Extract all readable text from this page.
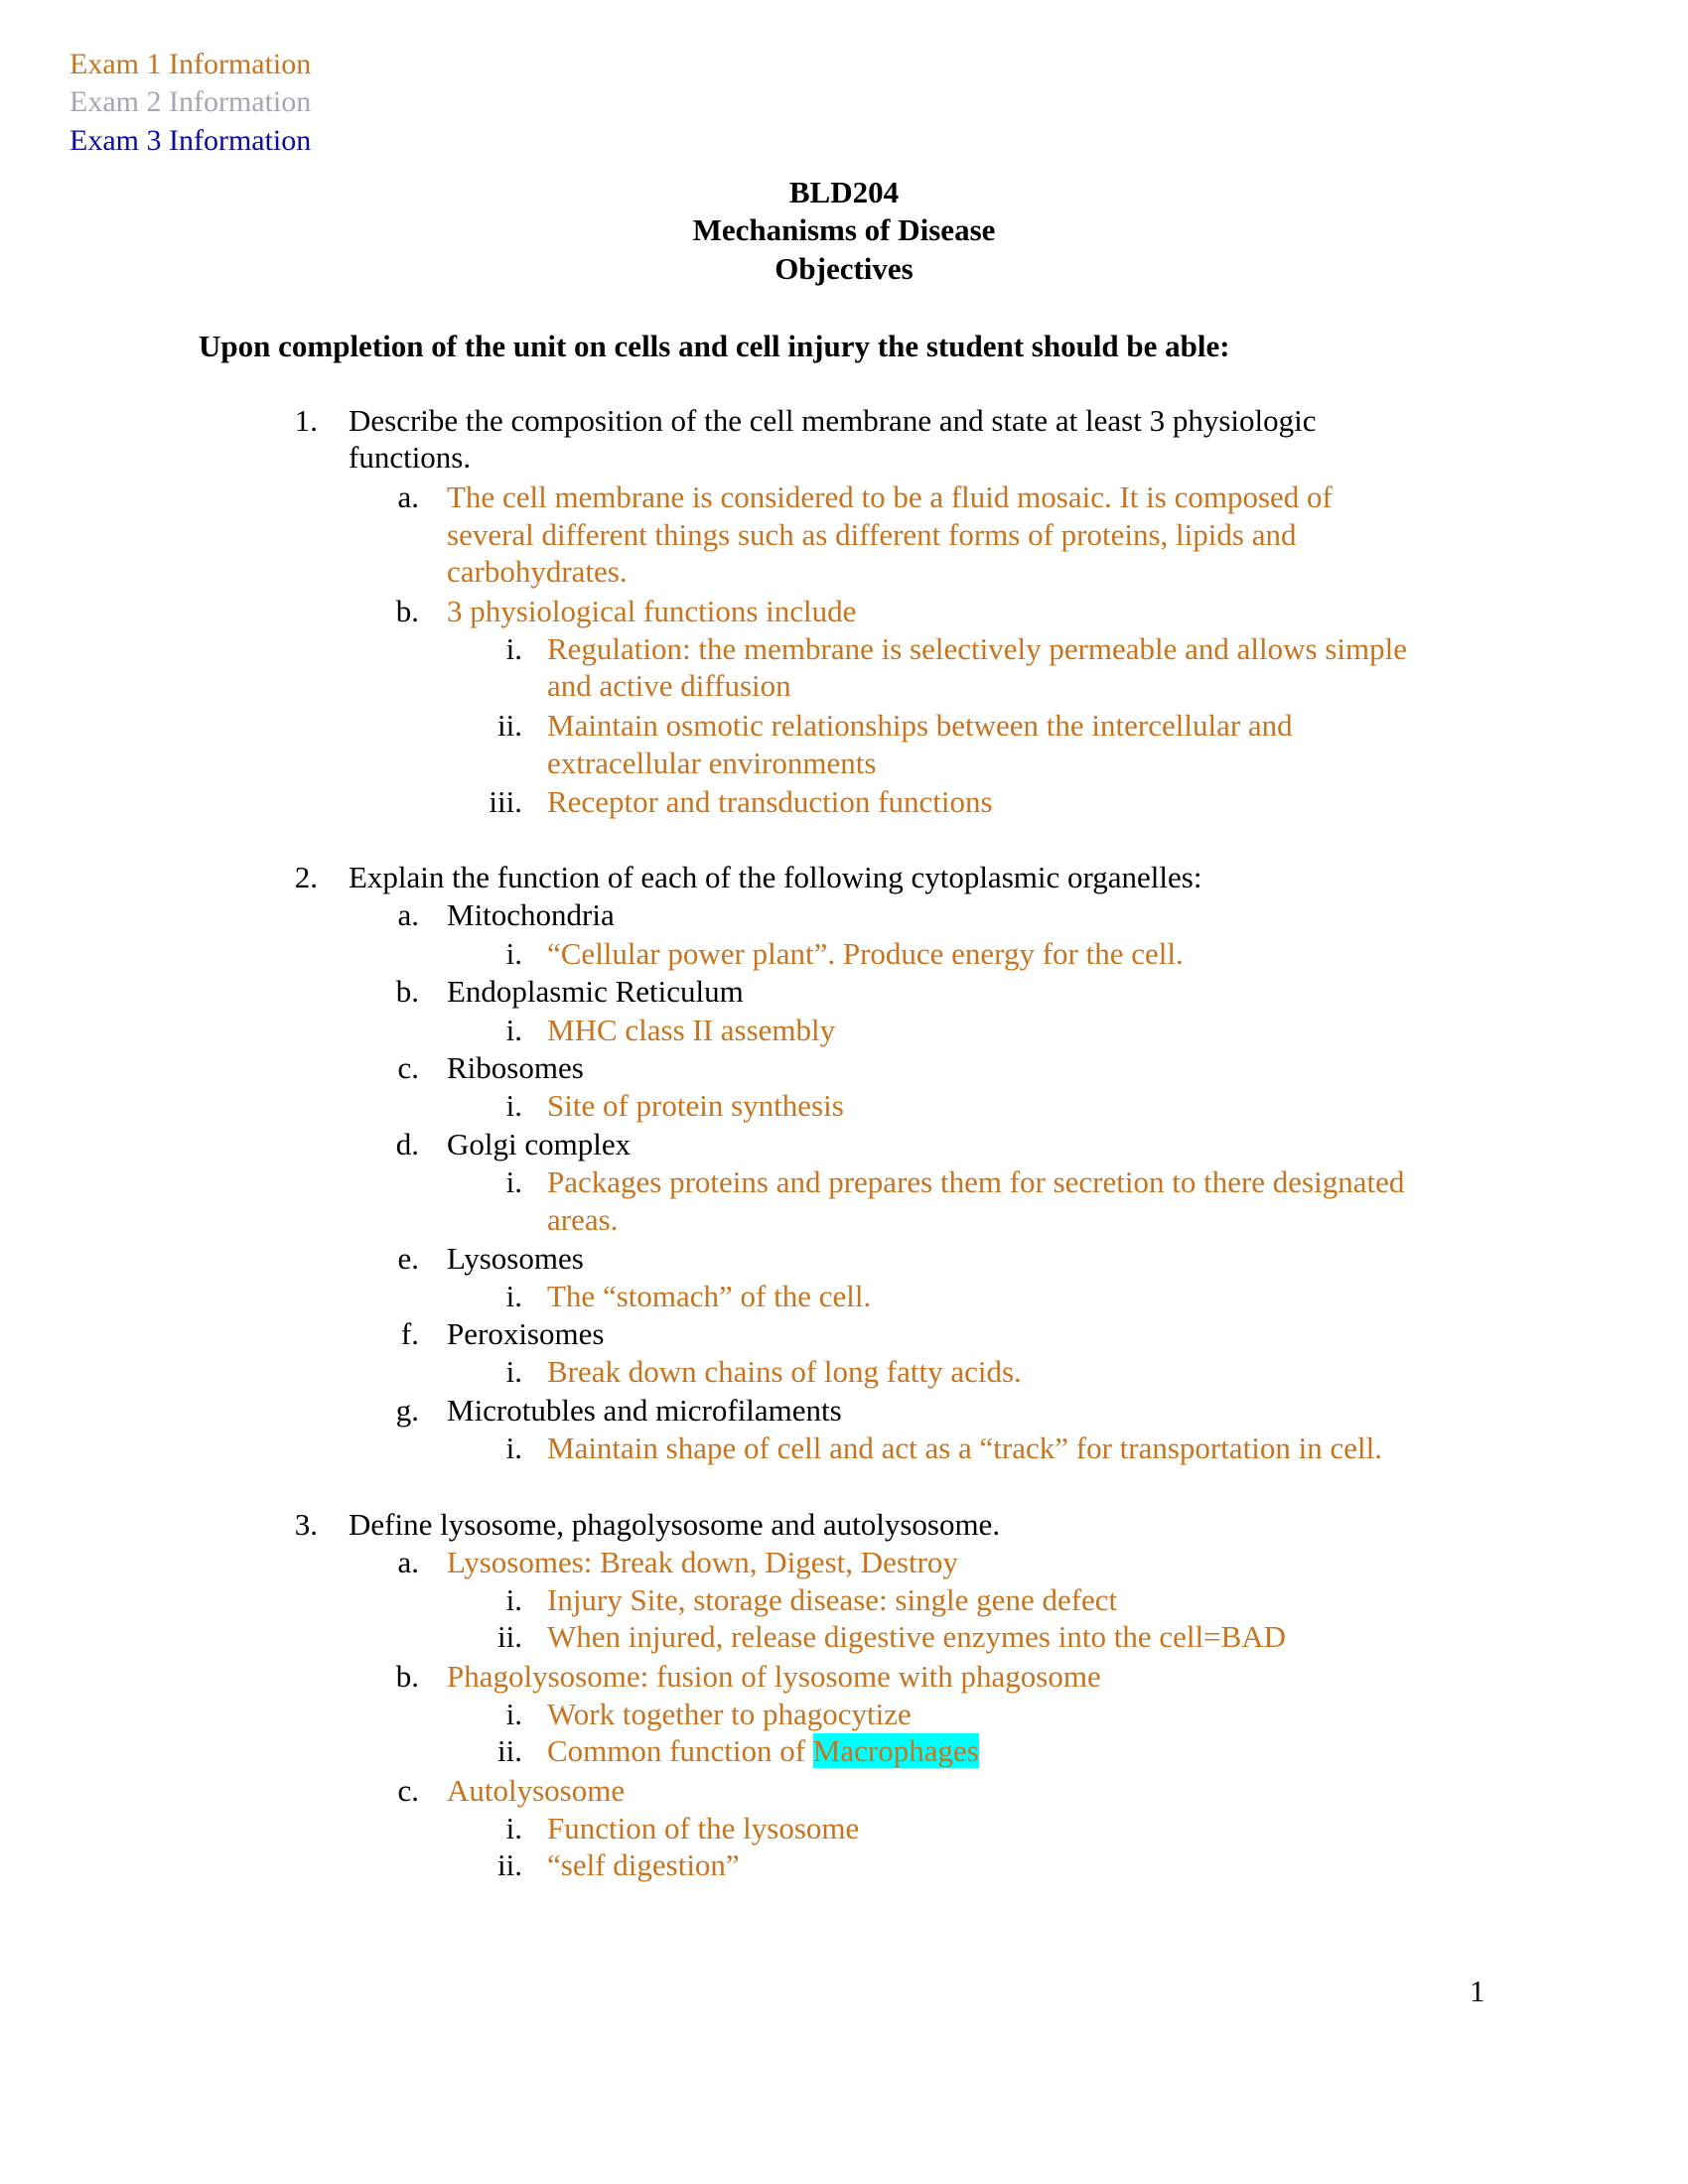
Exam 1 Information
Exam 2 Information
Exam 3 Information
BLD204
Mechanisms of Disease
Objectives
Upon completion of the unit on cells and cell injury the student should be able:
1. Describe the composition of the cell membrane and state at least 3 physiologic
functions.
a. The cell membrane is considered to be a fluid mosaic. It is composed of
several different things such as different forms of proteins, lipids and
carbohydrates.
b. 3 physiological functions include
i. Regulation: the membrane is selectively permeable and allows simple
and active diffusion
ii. Maintain osmotic relationships between the intercellular and
extracellular environments
iii. Receptor and transduction functions
2. Explain the function of each of the following cytoplasmic organelles:
a. Mitochondria
i. “Cellular power plant”. Produce energy for the cell.
b. Endoplasmic Reticulum
i. MHC class II assembly
c. Ribosomes
i. Site of protein synthesis
d. Golgi complex
i. Packages proteins and prepares them for secretion to there designated
areas.
e. Lysosomes
i. The “stomach” of the cell.
f. Peroxisomes
i. Break down chains of long fatty acids.
g. Microtubles and microfilaments
i. Maintain shape of cell and act as a “track” for transportation in cell.
3. Define lysosome, phagolysosome and autolysosome.
a. Lysosomes: Break down, Digest, Destroy
i. Injury Site, storage disease: single gene defect
ii. When injured, release digestive enzymes into the cell=BAD
b. Phagolysosome: fusion of lysosome with phagosome
i. Work together to phagocytize
ii. Common function of Macrophages
c. Autolysosome
i. Function of the lysosome
ii. “self digestion”
1
